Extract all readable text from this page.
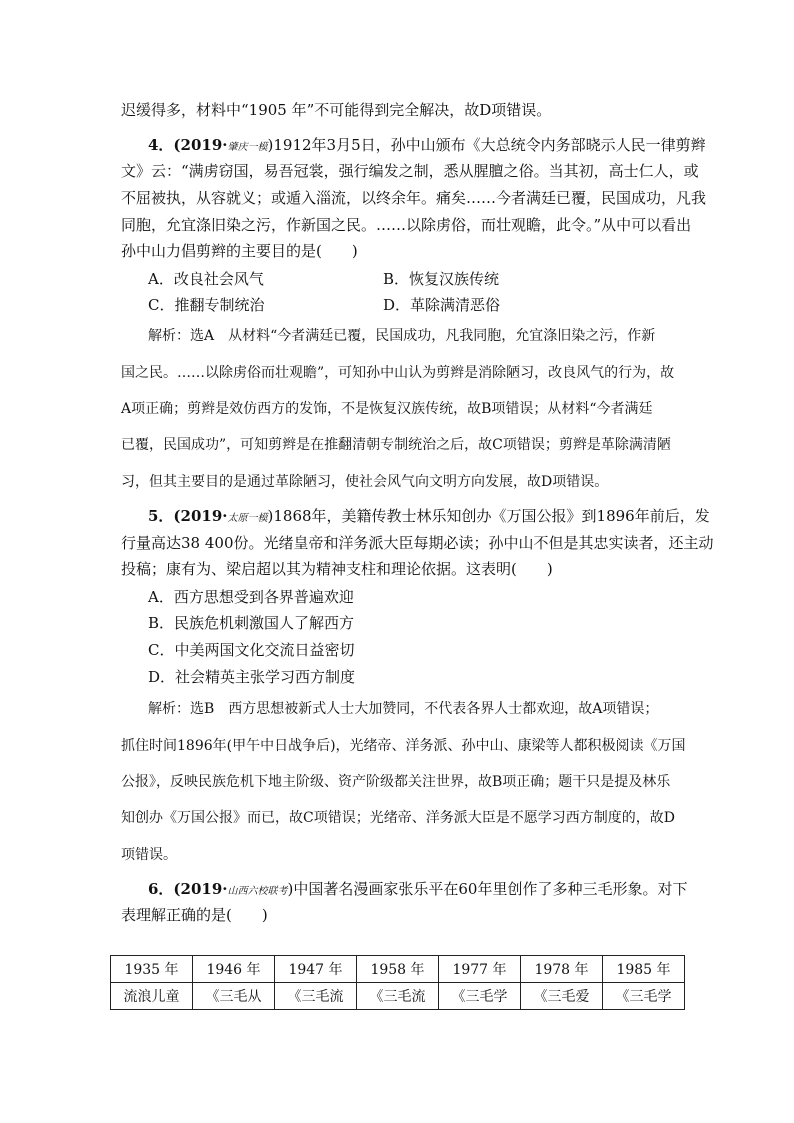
迟缓得多，材料中“1905 年”不可能得到完全解决，故D项错误。
4．(2019·肇庆一模)1912年3月5日，孙中山颁布《大总统令内务部晓示人民一律剪辫
文》云：“满虏窃国，易吾冠裳，强行编发之制，悉从腥膻之俗。当其初，高士仁人，或
不屈被执，从容就义；或遁入淄流，以终余年。痛矣……今者满廷已覆，民国成功，凡我
同胞，允宜涤旧染之污，作新国之民。……以除虏俗，而壮观瞻，此令。”从中可以看出
孙中山力倡剪辫的主要目的是(　　)
A．改良社会风气	B．恢复汉族传统
C．推翻专制统治	D．革除满清恶俗
解析：选A　从材料“今者满廷已覆，民国成功，凡我同胞，允宜涤旧染之污，作新
国之民。……以除虏俗而壮观瞻”，可知孙中山认为剪辫是消除陋习，改良风气的行为，故
A项正确；剪辫是效仿西方的发饰，不是恢复汉族传统，故B项错误；从材料“今者满廷
已覆，民国成功”，可知剪辫是在推翻清朝专制统治之后，故C项错误；剪辫是革除满清陋
习，但其主要目的是通过革除陋习，使社会风气向文明方向发展，故D项错误。
5．(2019·太原一模)1868年，美籍传教士林乐知创办《万国公报》到1896年前后，发
行量高达38 400份。光绪皇帝和洋务派大臣每期必读；孙中山不但是其忠实读者，还主动
投稿；康有为、梁启超以其为精神支柱和理论依据。这表明(　　)
A．西方思想受到各界普遍欢迎
B．民族危机刺激国人了解西方
C．中美两国文化交流日益密切
D．社会精英主张学习西方制度
解析：选B　西方思想被新式人士大加赞同，不代表各界人士都欢迎，故A项错误；
抓住时间1896年(甲午中日战争后)，光绪帝、洋务派、孙中山、康梁等人都积极阅读《万国
公报》，反映民族危机下地主阶级、资产阶级都关注世界，故B项正确；题干只是提及林乐
知创办《万国公报》而已，故C项错误；光绪帝、洋务派大臣是不愿学习西方制度的，故D
项错误。
6．(2019·山西六校联考)中国著名漫画家张乐平在60年里创作了多种三毛形象。对下
表理解正确的是(　　)
1935 年	1946 年	1947 年	1958 年	1977 年	1978 年	1985 年
流浪儿童	《三毛从	《三毛流	《三毛流	《三毛学	《三毛爱	《三毛学
